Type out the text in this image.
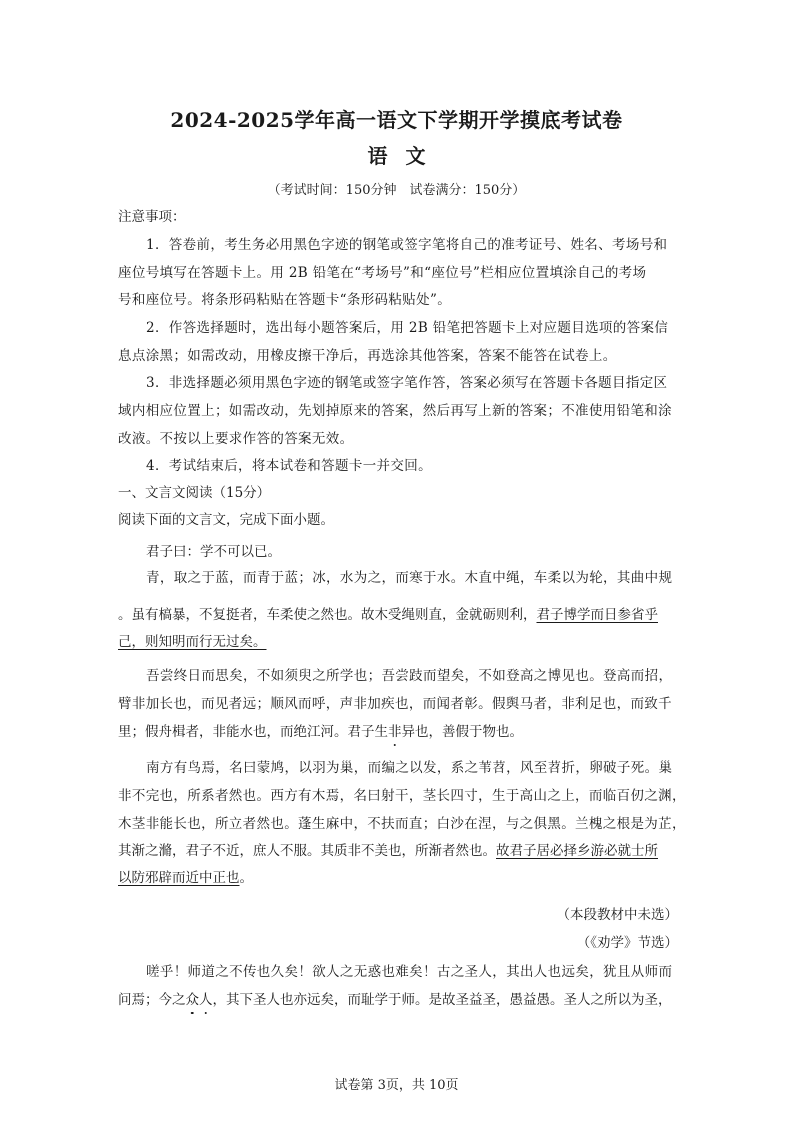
2024-2025学年高一语文下学期开学摸底考试卷
语文
（考试时间：150分钟　试卷满分：150分）
注意事项：
1．答卷前，考生务必用黑色字迹的钢笔或签字笔将自己的准考证号、姓名、考场号和
座位号填写在答题卡上。用 2B 铅笔在“考场号”和“座位号”栏相应位置填涂自己的考场
号和座位号。将条形码粘贴在答题卡“条形码粘贴处”。
2．作答选择题时，选出每小题答案后，用 2B 铅笔把答题卡上对应题目选项的答案信
息点涂黑；如需改动，用橡皮擦干净后，再选涂其他答案，答案不能答在试卷上。
3．非选择题必须用黑色字迹的钢笔或签字笔作答，答案必须写在答题卡各题目指定区
域内相应位置上；如需改动，先划掉原来的答案，然后再写上新的答案；不准使用铅笔和涂
改液。不按以上要求作答的答案无效。
4．考试结束后，将本试卷和答题卡一并交回。
一、文言文阅读（15分）
阅读下面的文言文，完成下面小题。
君子曰：学不可以已。
青，取之于蓝，而青于蓝；冰，水为之，而寒于水。木直中绳，车柔以为轮，其曲中规
。虽有槁暴，不复挺者，车柔使之然也。故木受绳则直，金就砺则利，君子博学而日参省乎
己，则知明而行无过矣。
吾尝终日而思矣，不如须臾之所学也；吾尝跂而望矣，不如登高之博见也。登高而招，
臂非加长也，而见者远；顺风而呼，声非加疾也，而闻者彰。假舆马者，非利足也，而致千
里；假舟楫者，非能水也，而绝江河。君子生非异也，善假于物也。
南方有鸟焉，名曰蒙鸠，以羽为巢，而编之以发，系之苇苕，风至苕折，卵破子死。巢
非不完也，所系者然也。西方有木焉，名曰射干，茎长四寸，生于高山之上，而临百仞之渊，
木茎非能长也，所立者然也。蓬生麻中，不扶而直；白沙在涅，与之俱黑。兰槐之根是为芷，
其渐之滫，君子不近，庶人不服。其质非不美也，所渐者然也。故君子居必择乡游必就士所
以防邪辟而近中正也。
（本段教材中未选）
（《劝学》节选）
嗟乎！师道之不传也久矣！欲人之无惑也难矣！古之圣人，其出人也远矣，犹且从师而
问焉；今之众人，其下圣人也亦远矣，而耻学于师。是故圣益圣，愚益愚。圣人之所以为圣，
试卷第 3页，共 10页
